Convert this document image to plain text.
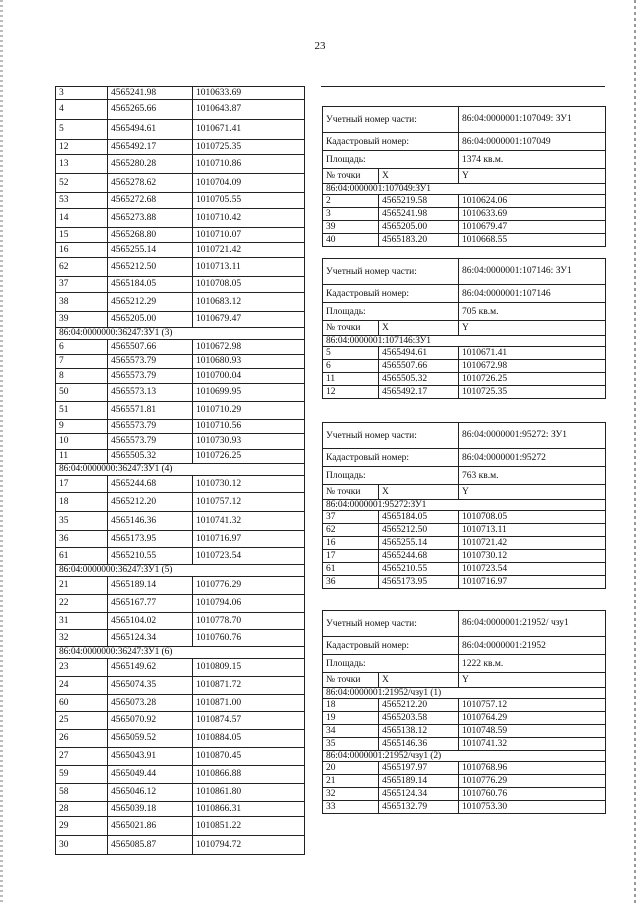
23
3	4565241.98	1010633.69
4	4565265.66	1010643.87
5	4565494.61	1010671.41
12	4565492.17	1010725.35
13	4565280.28	1010710.86
52	4565278.62	1010704.09
53	4565272.68	1010705.55
14	4565273.88	1010710.42
15	4565268.80	1010710.07
16	4565255.14	1010721.42
62	4565212.50	1010713.11
37	4565184.05	1010708.05
38	4565212.29	1010683.12
39	4565205.00	1010679.47
86:04:0000000:36247:ЗУ1 (3)		
6	4565507.66	1010672.98
7	4565573.79	1010680.93
8	4565573.79	1010700.04
50	4565573.13	1010699.95
51	4565571.81	1010710.29
9	4565573.79	1010710.56
10	4565573.79	1010730.93
11	4565505.32	1010726.25
86:04:0000000:36247:ЗУ1 (4)		
17	4565244.68	1010730.12
18	4565212.20	1010757.12
35	4565146.36	1010741.32
36	4565173.95	1010716.97
61	4565210.55	1010723.54
86:04:0000000:36247:ЗУ1 (5)		
21	4565189.14	1010776.29
22	4565167.77	1010794.06
31	4565104.02	1010778.70
32	4565124.34	1010760.76
86:04:0000000:36247:ЗУ1 (6)		
23	4565149.62	1010809.15
24	4565074.35	1010871.72
60	4565073.28	1010871.00
25	4565070.92	1010874.57
26	4565059.52	1010884.05
27	4565043.91	1010870.45
59	4565049.44	1010866.88
58	4565046.12	1010861.80
28	4565039.18	1010866.31
29	4565021.86	1010851.22
30	4565085.87	1010794.72
Учетный номер части:		86:04:0000001:107049: ЗУ1
Кадастровый номер:		86:04:0000001:107049
Площадь:		1374 кв.м.
№ точки	X	Y
86:04:0000001:107049:ЗУ1		
2	4565219.58	1010624.06
3	4565241.98	1010633.69
39	4565205.00	1010679.47
40	4565183.20	1010668.55
Учетный номер части:		86:04:0000001:107146: ЗУ1
Кадастровый номер:		86:04:0000001:107146
Площадь:		705 кв.м.
№ точки	X	Y
86:04:0000001:107146:ЗУ1		
5	4565494.61	1010671.41
6	4565507.66	1010672.98
11	4565505.32	1010726.25
12	4565492.17	1010725.35
Учетный номер части:		86:04:0000001:95272: ЗУ1
Кадастровый номер:		86:04:0000001:95272
Площадь:		763 кв.м.
№ точки	X	Y
86:04:0000001:95272:ЗУ1		
37	4565184.05	1010708.05
62	4565212.50	1010713.11
16	4565255.14	1010721.42
17	4565244.68	1010730.12
61	4565210.55	1010723.54
36	4565173.95	1010716.97
Учетный номер части:		86:04:0000001:21952/ чзу1
Кадастровый номер:		86:04:0000001:21952
Площадь:		1222 кв.м.
№ точки	X	Y
86:04:0000001:21952/чзу1 (1)		
18	4565212.20	1010757.12
19	4565203.58	1010764.29
34	4565138.12	1010748.59
35	4565146.36	1010741.32
86:04:0000001:21952/чзу1 (2)		
20	4565197.97	1010768.96
21	4565189.14	1010776.29
32	4565124.34	1010760.76
33	4565132.79	1010753.30
